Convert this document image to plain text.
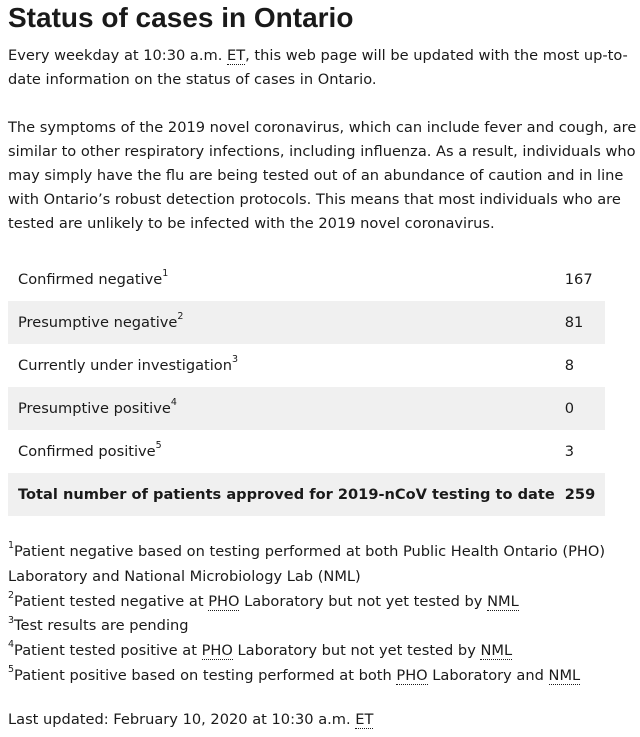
Status of cases in Ontario

Every weekday at 10:30 a.m. ET, this web page will be updated with the most up-to-
date information on the status of cases in Ontario.

The symptoms of the 2019 novel coronavirus, which can include fever and cough, are
similar to other respiratory infections, including influenza. As a result, individuals who
may simply have the flu are being tested out of an abundance of caution and in line
with Ontario’s robust detection protocols. This means that most individuals who are
tested are unlikely to be infected with the 2019 novel coronavirus.

Confirmed negative$^1$	167
Presumptive negative$^2$	81
Currently under investigation$^3$	8
Presumptive positive$^4$	0
Confirmed positive$^5$	3
Total number of patients approved for 2019-nCoV testing to date	259
$^1$Patient negative based on testing performed at both Public Health Ontario (PHO)
Laboratory and National Microbiology Lab (NML)
$^2$Patient tested negative at PHO Laboratory but not yet tested by NML
$^3$Test results are pending
$^4$Patient tested positive at PHO Laboratory but not yet tested by NML
$^5$Patient positive based on testing performed at both PHO Laboratory and NML

Last updated: February 10, 2020 at 10:30 a.m. ET
